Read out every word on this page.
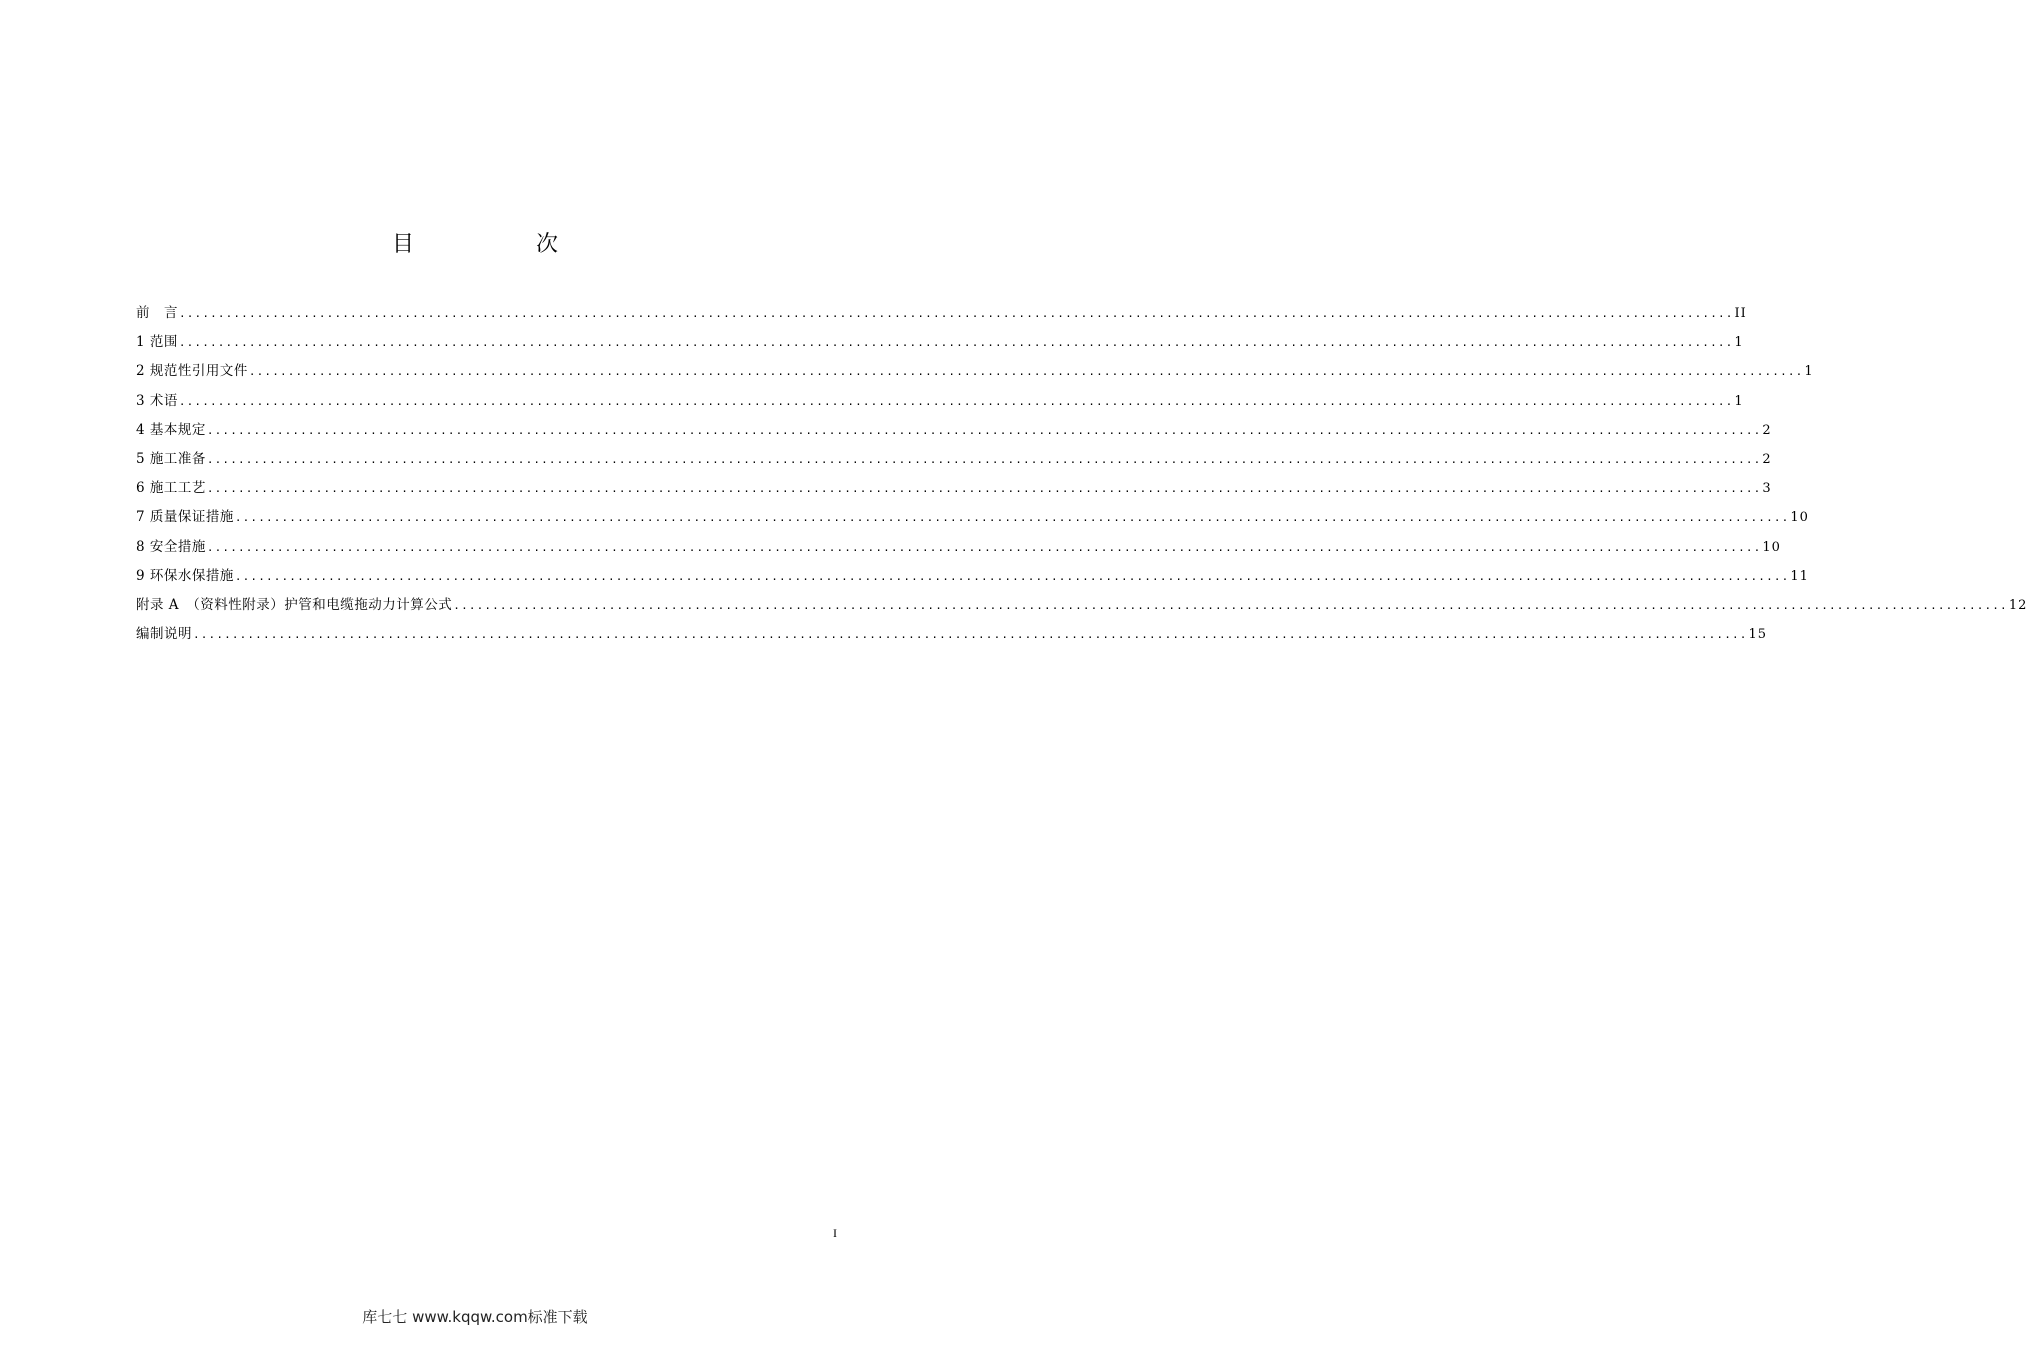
目　次
前　言 ........................................................................................................................................................................................................ II
1 范围 ........................................................................................................................................................................................................ 1
2 规范性引用文件 ........................................................................................................................................................................................................ 1
3 术语 ........................................................................................................................................................................................................ 1
4 基本规定 ........................................................................................................................................................................................................ 2
5 施工准备 ........................................................................................................................................................................................................ 2
6 施工工艺 ........................................................................................................................................................................................................ 3
7 质量保证措施 ........................................................................................................................................................................................................ 10
8 安全措施 ........................................................................................................................................................................................................ 10
9 环保水保措施 ........................................................................................................................................................................................................ 11
附录 A　（资料性附录）护管和电缆拖动力计算公式 ........................................................................................................................................................................................................ 12
编制说明 ........................................................................................................................................................................................................ 15
I
库七七 www.kqqw.com标准下载
